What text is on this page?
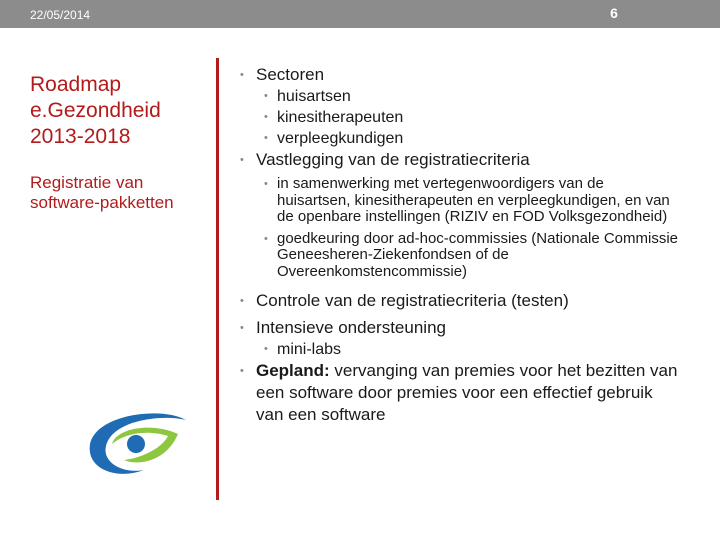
22/05/2014	6
Roadmap
e.Gezondheid
2013-2018
Registratie van software-pakketten
• Sectoren
• huisartsen
• kinesitherapeuten
• verpleegkundigen
• Vastlegging van de registratiecriteria
• in samenwerking met vertegenwoordigers van de huisartsen, kinesitherapeuten en verpleegkundigen, en van de openbare instellingen (RIZIV en FOD Volksgezondheid)
• goedkeuring door ad-hoc-commissies (Nationale Commissie Geneesheren-Ziekenfondsen of de Overeenkomstencommissie)
• Controle van de registratiecriteria (testen)
• Intensieve ondersteuning
• mini-labs
• Gepland: vervanging van premies voor het bezitten van een software door premies voor een effectief gebruik van een software
